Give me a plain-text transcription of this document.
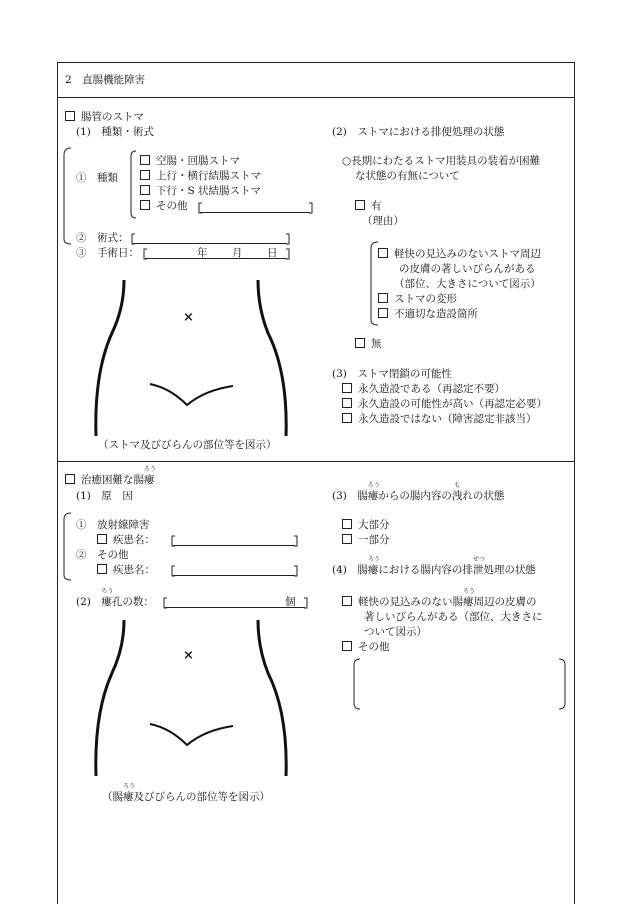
2　直腸機能障害
腸管のストマ
(1)　種類・術式
①　種類
空腸・回腸ストマ
上行・横行結腸ストマ
下行・S 状結腸ストマ
その他
②　術式：
③　手術日：	年 月 日
×
（ストマ及びびらんの部位等を図示）
(2)　ストマにおける排便処理の状態
○長期にわたるストマ用装具の装着が困難
な状態の有無について
有
（理由）
軽快の見込みのないストマ周辺
の皮膚の著しいびらんがある
（部位、大きさについて図示）
ストマの変形
不適切な造設箇所
無
(3)　ストマ閉鎖の可能性
永久造設である（再認定不要）
永久造設の可能性が高い（再認定必要）
永久造設ではない（障害認定非該当）
治癒困難な腸
ろう
瘻
(1)　原　因
①　放射線障害
疾患名：
②　その他
疾患名：
(2)　
ろう
瘻孔の数：	個
×
（腸
ろう
瘻及びびらんの部位等を図示）
(3)　腸
ろう
瘻からの腸内容の
も
洩れの状態
大部分
一部分
(4)　腸
ろう
瘻における腸内容の排
せつ
泄処理の状態
軽快の見込みのない腸
ろう
瘻周辺の皮膚の
著しいびらんがある（部位、大きさに
ついて図示）
その他
